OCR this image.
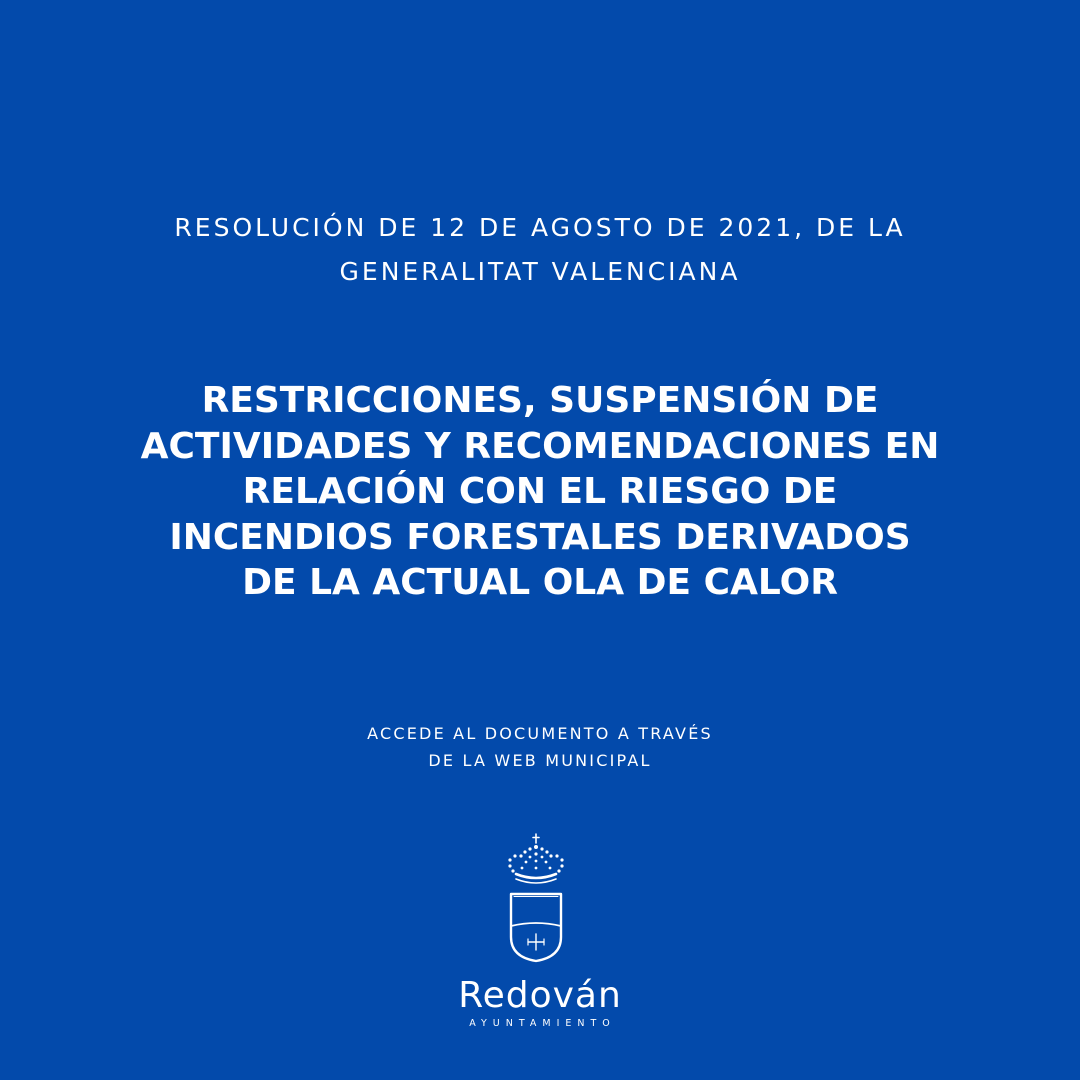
RESOLUCIÓN DE 12 DE AGOSTO DE 2021, DE LA
GENERALITAT VALENCIANA
RESTRICCIONES, SUSPENSIÓN DE
ACTIVIDADES Y RECOMENDACIONES EN
RELACIÓN CON EL RIESGO DE
INCENDIOS FORESTALES DERIVADOS
DE LA ACTUAL OLA DE CALOR
ACCEDE AL DOCUMENTO A TRAVÉS
DE LA WEB MUNICIPAL
Redován
AYUNTAMIENTO
